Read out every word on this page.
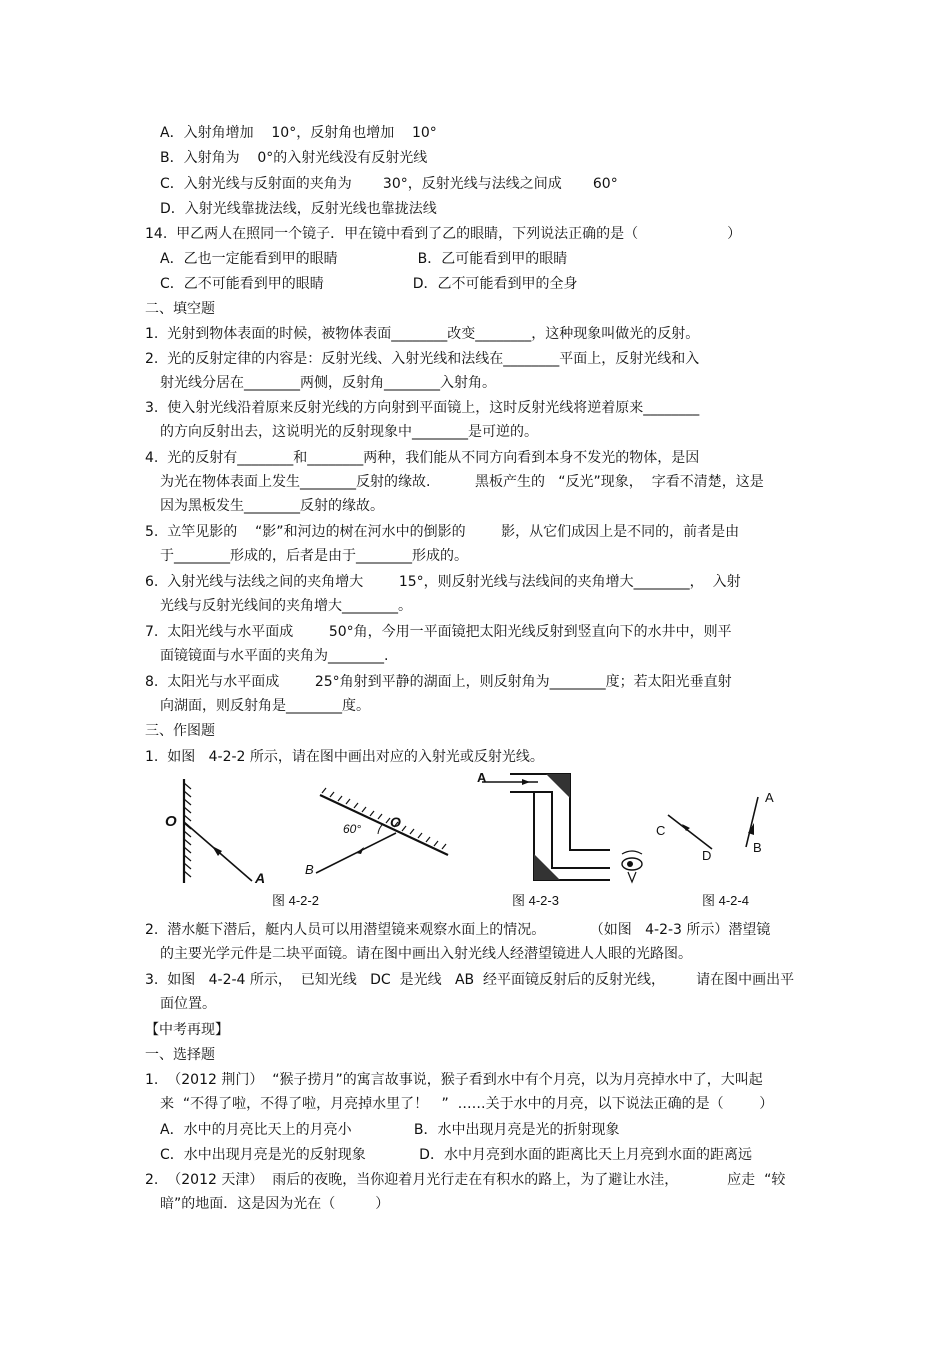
A．入射角增加    10°，反射角也增加    10°
B．入射角为    0°的入射光线没有反射光线
C．入射光线与反射面的夹角为       30°，反射光线与法线之间成       60°
D．入射光线靠拢法线，反射光线也靠拢法线
14.  甲乙两人在照同一个镜子．甲在镜中看到了乙的眼睛，下列说法正确的是（                    ）
A．乙也一定能看到甲的眼睛                  B．乙可能看到甲的眼睛
C．乙不可能看到甲的眼睛                    D．乙不可能看到甲的全身
二、填空题
1.  光射到物体表面的时候，被物体表面________改变________，这种现象叫做光的反射。
2.  光的反射定律的内容是：反射光线、入射光线和法线在________平面上，反射光线和入
射光线分居在________两侧，反射角________入射角。
3.  使入射光线沿着原来反射光线的方向射到平面镜上，这时反射光线将逆着原来________
的方向反射出去，这说明光的反射现象中________是可逆的。
4.  光的反射有________和________两种，我们能从不同方向看到本身不发光的物体，是因
为光在物体表面上发生________反射的缘故.          黑板产生的   “反光”现象，  字看不清楚，这是
因为黑板发生________反射的缘故。
5.  立竿见影的    “影”和河边的树在河水中的倒影的        影，从它们成因上是不同的，前者是由
于________形成的，后者是由于________形成的。
6.  入射光线与法线之间的夹角增大        15°，则反射光线与法线间的夹角增大________，  入射
光线与反射光线间的夹角增大________。
7.  太阳光线与水平面成        50°角，今用一平面镜把太阳光线反射到竖直向下的水井中，则平
面镜镜面与水平面的夹角为________.
8.  太阳光与水平面成        25°角射到平静的湖面上，则反射角为________度；若太阳光垂直射
向湖面，则反射角是________度。
三、作图题
1.  如图   4-2-2 所示，请在图中画出对应的入射光或反射光线。
2.  潜水艇下潜后，艇内人员可以用潜望镜来观察水面上的情况。          （如图   4-2-3 所示）潜望镜
的主要光学元件是二块平面镜。请在图中画出入射光线人经潜望镜进人人眼的光路图。
3.  如图   4-2-4 所示，  已知光线   DC  是光线   AB  经平面镜反射后的反射光线，       请在图中画出平
面位置。
【中考再现】
一、选择题
1.  （2012 荆门）  “猴子捞月”的寓言故事说，猴子看到水中有个月亮，以为月亮掉水中了，大叫起
来  “不得了啦，不得了啦，月亮掉水里了！   ”  ……关于水中的月亮，以下说法正确的是（        ）
A．水中的月亮比天上的月亮小              B．水中出现月亮是光的折射现象
C．水中出现月亮是光的反射现象            D．水中月亮到水面的距离比天上月亮到水面的距离远
2.  （2012 天津）  雨后的夜晚，当你迎着月光行走在有积水的路上，为了避让水洼，           应走  “较
暗”的地面．这是因为光在（         ）
O
A
60° O
B
图 4-2-2
A
图 4-2-3
A
B
C
D
图 4-2-4
